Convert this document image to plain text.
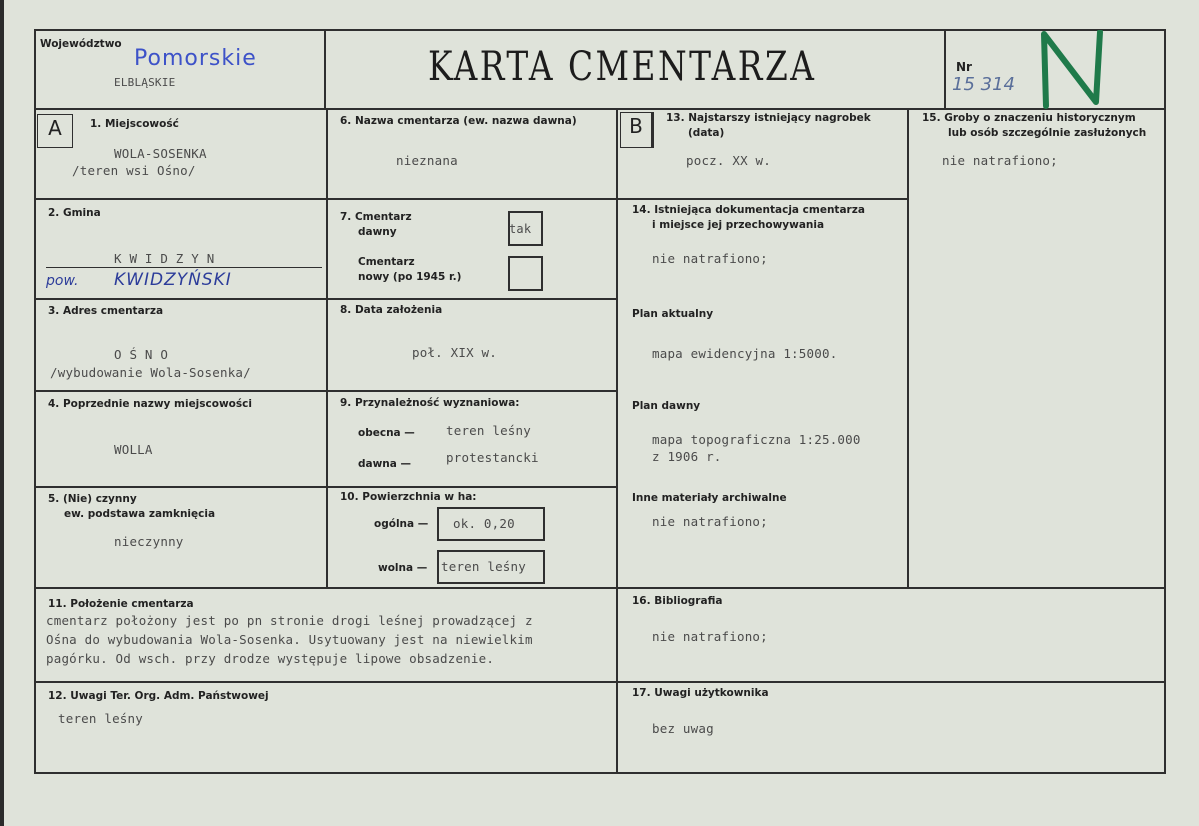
Województwo
Pomorskie
ELBLĄSKIE	KARTA CMENTARZA	Nr
15 314
A	1. Miejscowość
WOLA-SOSENKA
/teren wsi Ośno/
2. Gmina
K W I D Z Y N
pow. KWIDZYŃSKI
3. Adres cmentarza
O Ś N O
/wybudowanie Wola-Sosenka/
4. Poprzednie nazwy miejscowości
WOLLA
5. (Nie) czynny
ew. podstawa zamknięcia
nieczynny
6. Nazwa cmentarza (ew. nazwa dawna)
nieznana
7. Cmentarz
dawny	tak
Cmentarz
nowy (po 1945 r.)
8. Data założenia
poł. XIX w.
9. Przynależność wyznaniowa:
obecna — teren leśny
dawna —	protestancki
10. Powierzchnia w ha:
ogólna — ok. 0,20
wolna — teren leśny
B	13. Najstarszy istniejący nagrobek
(data)
pocz. XX w.
14. Istniejąca dokumentacja cmentarza
i miejsce jej przechowywania
nie natrafiono;
Plan aktualny
mapa ewidencyjna 1:5000.
Plan dawny
mapa topograficzna 1:25.000
z 1906 r.
Inne materiały archiwalne
nie natrafiono;
15. Groby o znaczeniu historycznym
lub osób szczególnie zasłużonych
nie natrafiono;
11. Położenie cmentarza
cmentarz położony jest po pn stronie drogi leśnej prowadzącej z
Ośna do wybudowania Wola-Sosenka. Usytuowany jest na niewielkim
pagórku. Od wsch. przy drodze występuje lipowe obsadzenie.
16. Bibliografia
nie natrafiono;
12. Uwagi Ter. Org. Adm. Państwowej
teren leśny
17. Uwagi użytkownika
bez uwag
